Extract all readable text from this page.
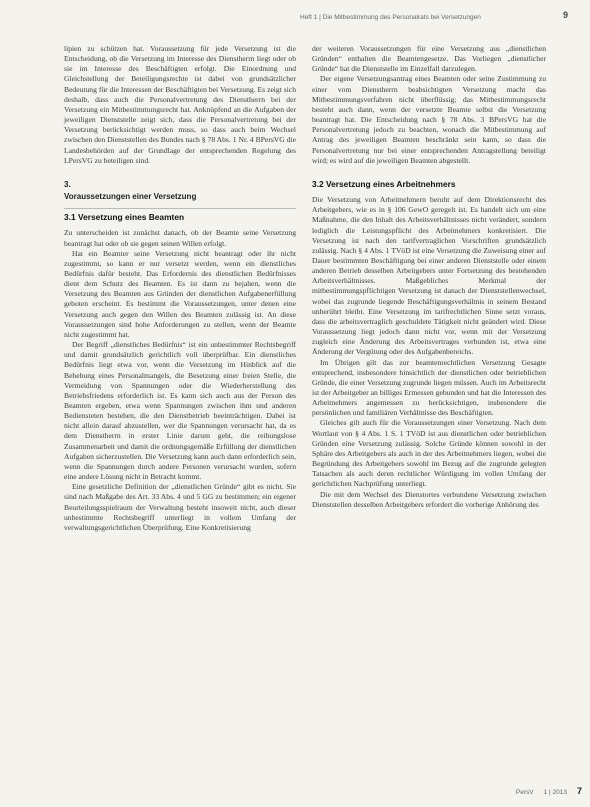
Heft 1 | Die Mitbestimmung des Personalrats bei Versetzungen	9

lipien zu schützen hat. Voraussetzung für jede Versetzung ist die Entscheidung, ob die Versetzung im Interesse des Dienstherrn liegt oder ob sie im Interesse des Beschäftigten erfolgt. Die Einordnung und Gleichstellung der Beteiligungsrechte ist dabei von grundsätzlicher Bedeutung für die Interessen der Beschäftigten bei Versetzung. Es zeigt sich deshalb, dass auch die Personalvertretung des Dienstherrn bei der Versetzung ein Mitbestimmungsrecht hat. Anknüpfend an die Aufgaben der jeweiligen Dienststelle zeigt sich, dass die Personalvertretung bei der Versetzung berücksichtigt werden muss, so dass auch beim Wechsel zwischen den Dienststellen des Bundes nach § 78 Abs. 1 Nr. 4 BPersVG die Landesbehörden auf der Grundlage der entsprechenden Regelung des LPersVG zu beteiligen sind.

3.
Voraussetzungen einer Versetzung
3.1 Versetzung eines Beamten

Zu unterscheiden ist zunächst danach, ob der Beamte seine Versetzung beantragt hat oder ob sie gegen seinen Willen erfolgt.

Hat ein Beamter seine Versetzung nicht beantragt oder ihr nicht zugestimmt, so kann er nur versetzt werden, wenn ein dienstliches Bedürfnis dafür besteht. Das Erfordernis des dienstlichen Bedürfnisses dient dem Schutz des Beamten. Es ist dann zu bejahen, wenn die Versetzung des Beamten aus Gründen der dienstlichen Aufgabenerfüllung geboten erscheint. Es bestimmt die Voraussetzungen, unter denen eine Versetzung auch gegen den Willen des Beamten zulässig ist. An diese Voraussetzungen sind hohe Anforderungen zu stellen, wenn der Beamte nicht zugestimmt hat.

Der Begriff „dienstliches Bedürfnis“ ist ein unbestimmter Rechtsbegriff und damit grundsätzlich gerichtlich voll überprüfbar. Ein dienstliches Bedürfnis liegt etwa vor, wenn die Versetzung im Hinblick auf die Behebung eines Personalmangels, die Besetzung einer freien Stelle, die Vermeidung von Spannungen oder die Wiederherstellung des Betriebsfriedens erforderlich ist. Es kann sich auch aus der Person des Beamten ergeben, etwa wenn Spannungen zwischen ihm und anderen Bediensteten bestehen, die den Dienstbetrieb beeinträchtigen. Dabei ist nicht allein darauf abzustellen, wer die Spannungen verursacht hat, da es dem Dienstherrn in erster Linie darum geht, die reibungslose Zusammenarbeit und damit die ordnungsgemäße Erfüllung der dienstlichen Aufgaben sicherzustellen. Die Versetzung kann auch dann erforderlich sein, wenn die Spannungen durch andere Personen verursacht wurden, sofern eine andere Lösung nicht in Betracht kommt.

Eine gesetzliche Definition der „dienstlichen Gründe“ gibt es nicht. Sie sind nach Maßgabe des Art. 33 Abs. 4 und 5 GG zu bestimmen; ein eigener Beurteilungsspielraum der Verwaltung besteht insoweit nicht, auch dieser unbestimmte Rechtsbegriff unterliegt in vollem Umfang der verwaltungsgerichtlichen Überprüfung. Eine Konkretisierung

der weiteren Voraussetzungen für eine Versetzung aus „dienstlichen Gründen“ enthalten die Beamtengesetze. Das Vorliegen „dienstlicher Gründe“ hat die Dienststelle im Einzelfall darzulegen.

Der eigene Versetzungsantrag eines Beamten oder seine Zustimmung zu einer vom Dienstherrn beabsichtigten Versetzung macht das Mitbestimmungsverfahren nicht überflüssig; das Mitbestimmungsrecht besteht auch dann, wenn der versetzte Beamte selbst die Versetzung beantragt hat. Die Entscheidung nach § 78 Abs. 3 BPersVG hat die Personalvertretung jedoch zu beachten, wonach die Mitbestimmung auf Antrag des jeweiligen Beamten beschränkt sein kann, so dass die Personalvertretung nur bei einer entsprechenden Antragstellung beteiligt wird; es wird auf die jeweiligen Beamten abgestellt.

3.2 Versetzung eines Arbeitnehmers

Die Versetzung von Arbeitnehmern beruht auf dem Direktionsrecht des Arbeitgebers, wie es in § 106 GewO geregelt ist. Es handelt sich um eine Maßnahme, die den Inhalt des Arbeitsverhältnisses nicht verändert, sondern lediglich die Leistungspflicht des Arbeitnehmers konkretisiert. Die Versetzung ist nach den tarifvertraglichen Vorschriften grundsätzlich zulässig. Nach § 4 Abs. 1 TVöD ist eine Versetzung die Zuweisung einer auf Dauer bestimmten Beschäftigung bei einer anderen Dienststelle oder einem anderen Betrieb desselben Arbeitgebers unter Fortsetzung des bestehenden Arbeitsverhältnisses. Maßgebliches Merkmal der mitbestimmungspflichtigen Versetzung ist danach der Dienststellenwechsel, wobei das zugrunde liegende Beschäftigungsverhältnis in seinem Bestand unberührt bleibt. Eine Versetzung im tarifrechtlichen Sinne setzt voraus, dass die arbeitsvertraglich geschuldete Tätigkeit nicht geändert wird. Diese Voraussetzung liegt jedoch dann nicht vor, wenn mit der Versetzung zugleich eine Änderung des Arbeitsvertrages verbunden ist, etwa eine Änderung der Vergütung oder des Aufgabenbereichs.

Im Übrigen gilt das zur beamtenrechtlichen Versetzung Gesagte entsprechend, insbesondere hinsichtlich der dienstlichen oder betrieblichen Gründe, die einer Versetzung zugrunde liegen müssen. Auch im Arbeitsrecht ist der Arbeitgeber an billiges Ermessen gebunden und hat die Interessen des Arbeitnehmers angemessen zu berücksichtigen, insbesondere die persönlichen und familiären Verhältnisse des Beschäftigten.

Gleiches gilt auch für die Voraussetzungen einer Versetzung. Nach dem Wortlaut von § 4 Abs. 1 S. 1 TVöD ist aus dienstlichen oder betrieblichen Gründen eine Versetzung zulässig. Solche Gründe können sowohl in der Sphäre des Arbeitgebers als auch in der des Arbeitnehmers liegen, wobei die Begründung des Arbeitgebers sowohl im Bezug auf die zugrunde gelegten Tatsachen als auch deren rechtlicher Würdigung im vollen Umfang der gerichtlichen Nachprüfung unterliegt.

Die mit dem Wechsel des Dienstortes verbundene Versetzung zwischen Dienststellen desselben Arbeitgebers erfordert die vorherige Anhörung des

PersV 1 | 2013 7
